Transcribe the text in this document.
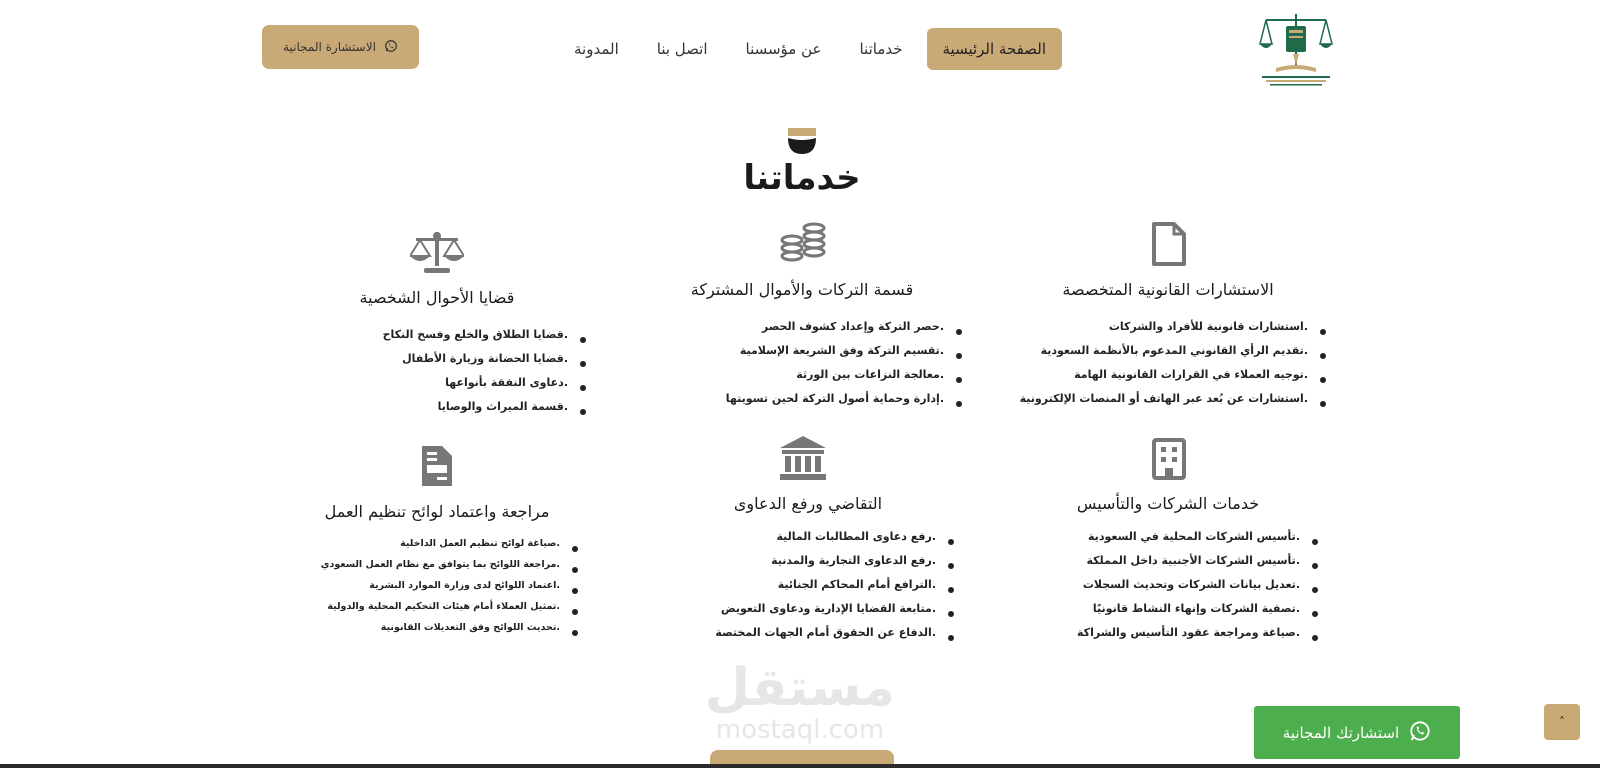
الصفحة الرئيسية
خدماتنا
عن مؤسسنا
اتصل بنا
المدونة
الاستشارة المجانية
خدماتنا
الاستشارات القانونية المتخصصة
استشارات قانونية للأفراد والشركات.
تقديم الرأي القانوني المدعوم بالأنظمة السعودية.
توجيه العملاء في القرارات القانونية الهامة.
استشارات عن بُعد عبر الهاتف أو المنصات الإلكترونية.
قسمة التركات والأموال المشتركة
حصر التركة وإعداد كشوف الحصر.
تقسيم التركة وفق الشريعة الإسلامية.
معالجة النزاعات بين الورثة.
إدارة وحماية أصول التركة لحين تسويتها.
قضايا الأحوال الشخصية
قضايا الطلاق والخلع وفسخ النكاح.
قضايا الحضانة وزيارة الأطفال.
دعاوى النفقة بأنواعها.
قسمة الميراث والوصايا.
خدمات الشركات والتأسيس
تأسيس الشركات المحلية في السعودية.
تأسيس الشركات الأجنبية داخل المملكة.
تعديل بيانات الشركات وتحديث السجلات.
تصفية الشركات وإنهاء النشاط قانونيًا.
صياغة ومراجعة عقود التأسيس والشراكة.
التقاضي ورفع الدعاوى
رفع دعاوى المطالبات المالية.
رفع الدعاوى التجارية والمدنية.
الترافع أمام المحاكم الجنائية.
متابعة القضايا الإدارية ودعاوى التعويض.
الدفاع عن الحقوق أمام الجهات المختصة.
مراجعة واعتماد لوائح تنظيم العمل
صياغة لوائح تنظيم العمل الداخلية.
مراجعة اللوائح بما يتوافق مع نظام العمل السعودي.
اعتماد اللوائح لدى وزارة الموارد البشرية.
تمثيل العملاء أمام هيئات التحكيم المحلية والدولية.
تحديث اللوائح وفق التعديلات القانونية.
مستقل
mostaql.com	استشارتك المجانية
˄
